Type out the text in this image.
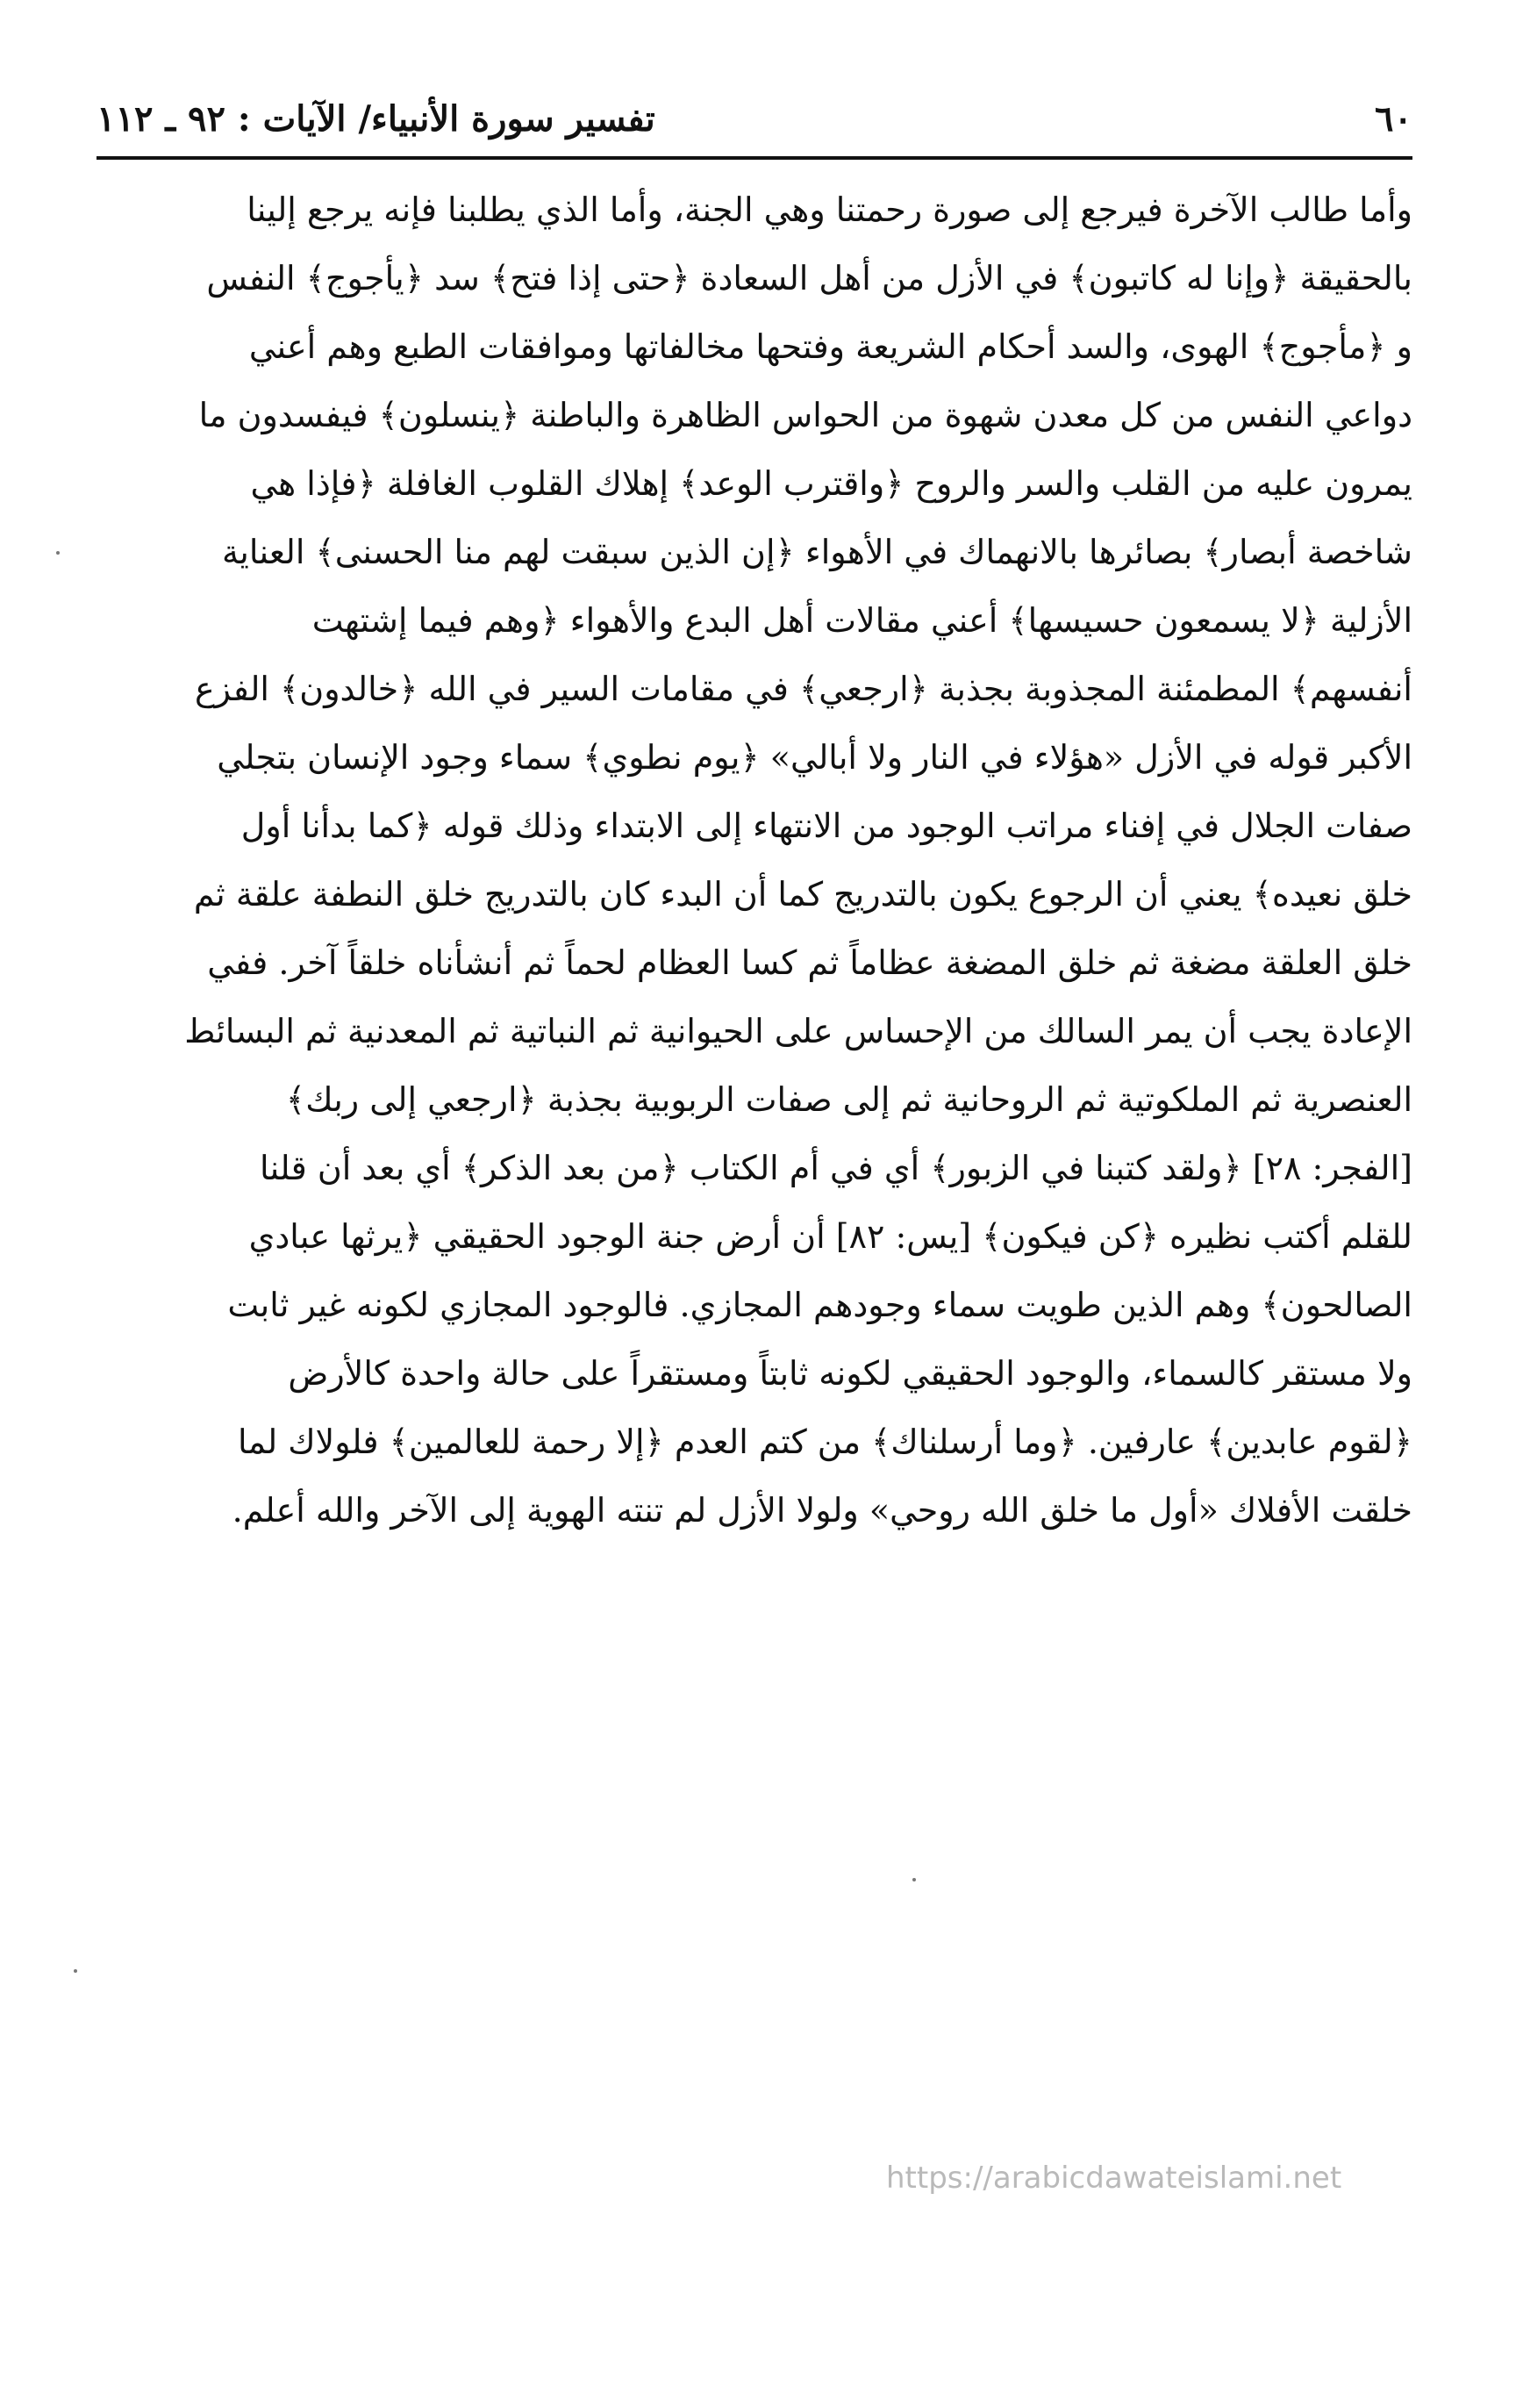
٦٠
تفسير سورة الأنبياء/ الآيات : ٩٢ ـ ١١٢
وأما طالب الآخرة فيرجع إلى صورة رحمتنا وهي الجنة، وأما الذي يطلبنا فإنه يرجع إلينا
بالحقيقة ﴿وإنا له كاتبون﴾ في الأزل من أهل السعادة ﴿حتى إذا فتح﴾ سد ﴿يأجوج﴾ النفس
و ﴿مأجوج﴾ الهوى، والسد أحكام الشريعة وفتحها مخالفاتها وموافقات الطبع وهم أعني
دواعي النفس من كل معدن شهوة من الحواس الظاهرة والباطنة ﴿ينسلون﴾ فيفسدون ما
يمرون عليه من القلب والسر والروح ﴿واقترب الوعد﴾ إهلاك القلوب الغافلة ﴿فإذا هي
شاخصة أبصار﴾ بصائرها بالانهماك في الأهواء ﴿إن الذين سبقت لهم منا الحسنى﴾ العناية
الأزلية ﴿لا يسمعون حسيسها﴾ أعني مقالات أهل البدع والأهواء ﴿وهم فيما إشتهت
أنفسهم﴾ المطمئنة المجذوبة بجذبة ﴿ارجعي﴾ في مقامات السير في الله ﴿خالدون﴾ الفزع
الأكبر قوله في الأزل «هؤلاء في النار ولا أبالي» ﴿يوم نطوي﴾ سماء وجود الإنسان بتجلي
صفات الجلال في إفناء مراتب الوجود من الانتهاء إلى الابتداء وذلك قوله ﴿كما بدأنا أول
خلق نعيده﴾ يعني أن الرجوع يكون بالتدريج كما أن البدء كان بالتدريج خلق النطفة علقة ثم
خلق العلقة مضغة ثم خلق المضغة عظاماً ثم كسا العظام لحماً ثم أنشأناه خلقاً آخر. ففي
الإعادة يجب أن يمر السالك من الإحساس على الحيوانية ثم النباتية ثم المعدنية ثم البسائط
العنصرية ثم الملكوتية ثم الروحانية ثم إلى صفات الربوبية بجذبة ﴿ارجعي إلى ربك﴾
[الفجر: ٢٨] ﴿ولقد كتبنا في الزبور﴾ أي في أم الكتاب ﴿من بعد الذكر﴾ أي بعد أن قلنا
للقلم أكتب نظيره ﴿كن فيكون﴾ [يس: ٨٢] أن أرض جنة الوجود الحقيقي ﴿يرثها عبادي
الصالحون﴾ وهم الذين طويت سماء وجودهم المجازي. فالوجود المجازي لكونه غير ثابت
ولا مستقر كالسماء، والوجود الحقيقي لكونه ثابتاً ومستقراً على حالة واحدة كالأرض
﴿لقوم عابدين﴾ عارفين. ﴿وما أرسلناك﴾ من كتم العدم ﴿إلا رحمة للعالمين﴾ فلولاك لما
خلقت الأفلاك «أول ما خلق الله روحي» ولولا الأزل لم تنته الهوية إلى الآخر والله أعلم.
https://arabicdawateislami.net
